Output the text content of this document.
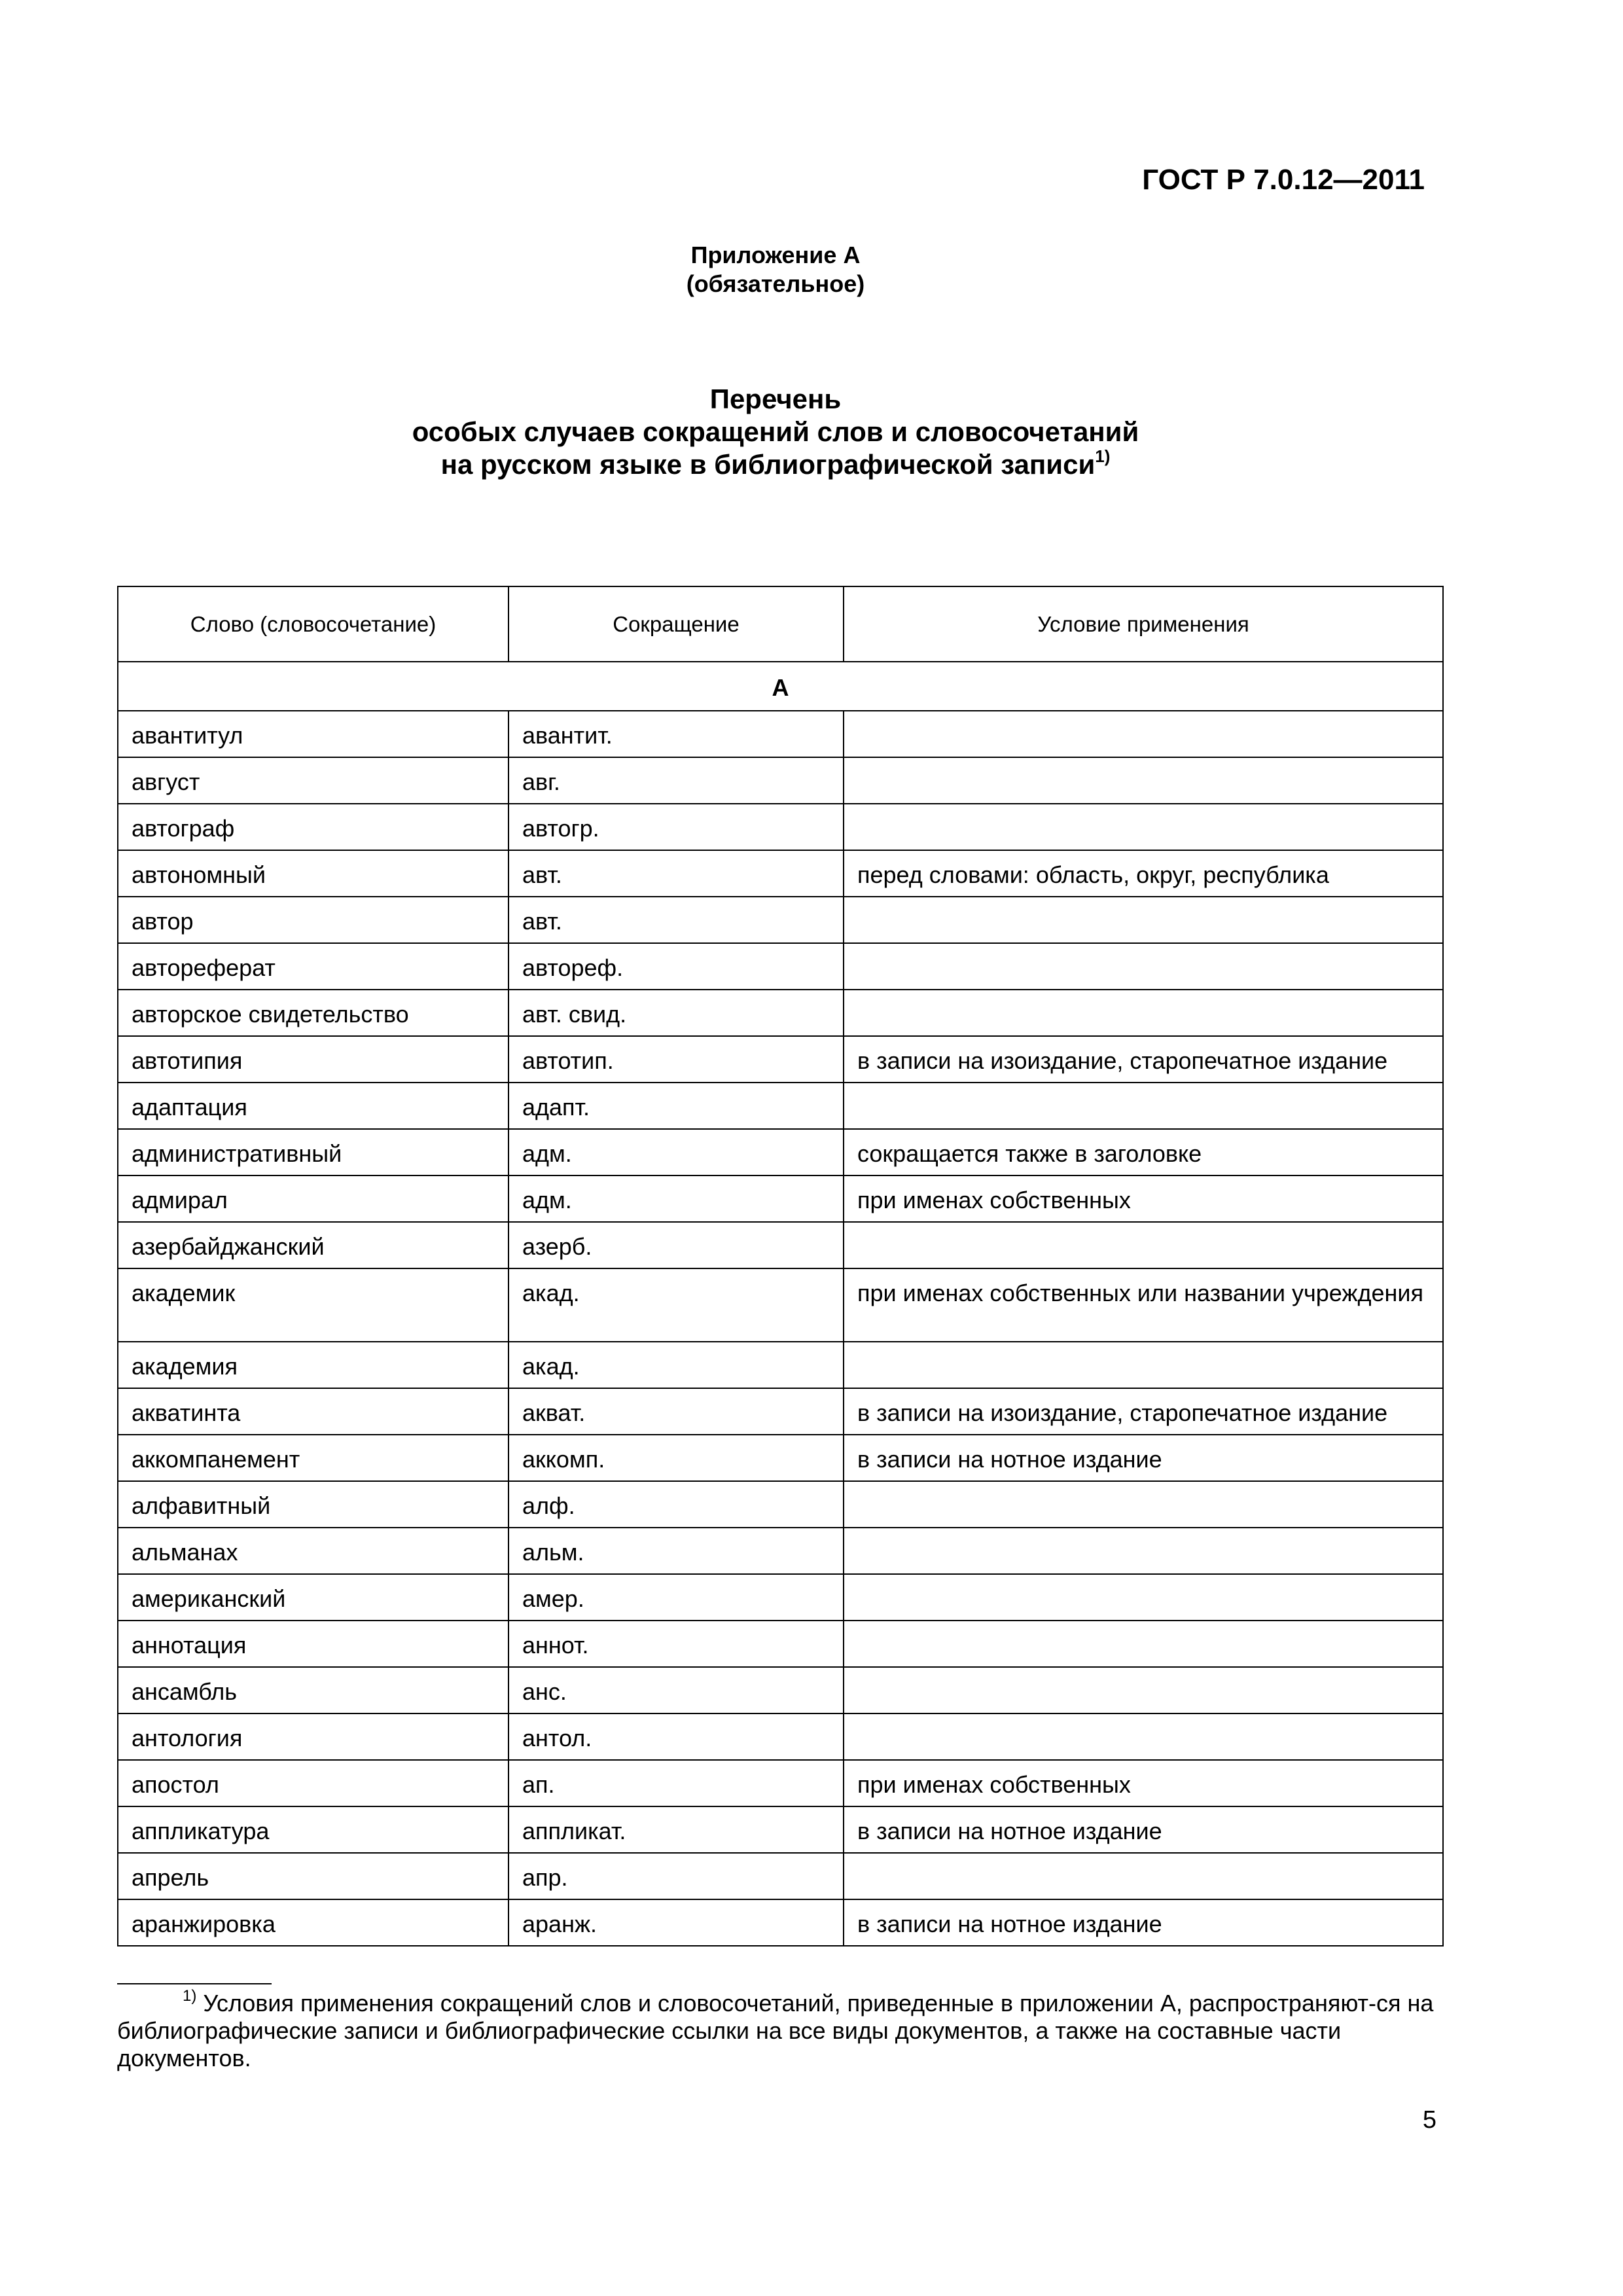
ГОСТ Р 7.0.12—2011
Приложение А
(обязательное)
Перечень
особых случаев сокращений слов и словосочетаний
на русском языке в библиографической записи$^{1)}$
Слово (словосочетание)	Сокращение	Условие применения
А		
авантитул	авантит.	
август	авг.	
автограф	автогр.	
автономный	авт.	перед словами: область, округ, республика
автор	авт.	
автореферат	автореф.	
авторское свидетельство	авт. свид.	
автотипия	автотип.	в записи на изоиздание, старопечатное издание
адаптация	адапт.	
административный	адм.	сокращается также в заголовке
адмирал	адм.	при именах собственных
азербайджанский	азерб.	
академик	акад.	при именах собственных или названии учреждения
академия	акад.	
акватинта	акват.	в записи на изоиздание, старопечатное издание
аккомпанемент	аккомп.	в записи на нотное издание
алфавитный	алф.	
альманах	альм.	
американский	амер.	
аннотация	аннот.	
ансамбль	анс.	
антология	антол.	
апостол	ап.	при именах собственных
аппликатура	аппликат.	в записи на нотное издание
апрель	апр.	
аранжировка	аранж.	в записи на нотное издание
$^{1)}$ Условия применения сокращений слов и словосочетаний, приведенные в приложении А, распространяют-ся на библиографические записи и библиографические ссылки на все виды документов, а также на составные части документов.
5
